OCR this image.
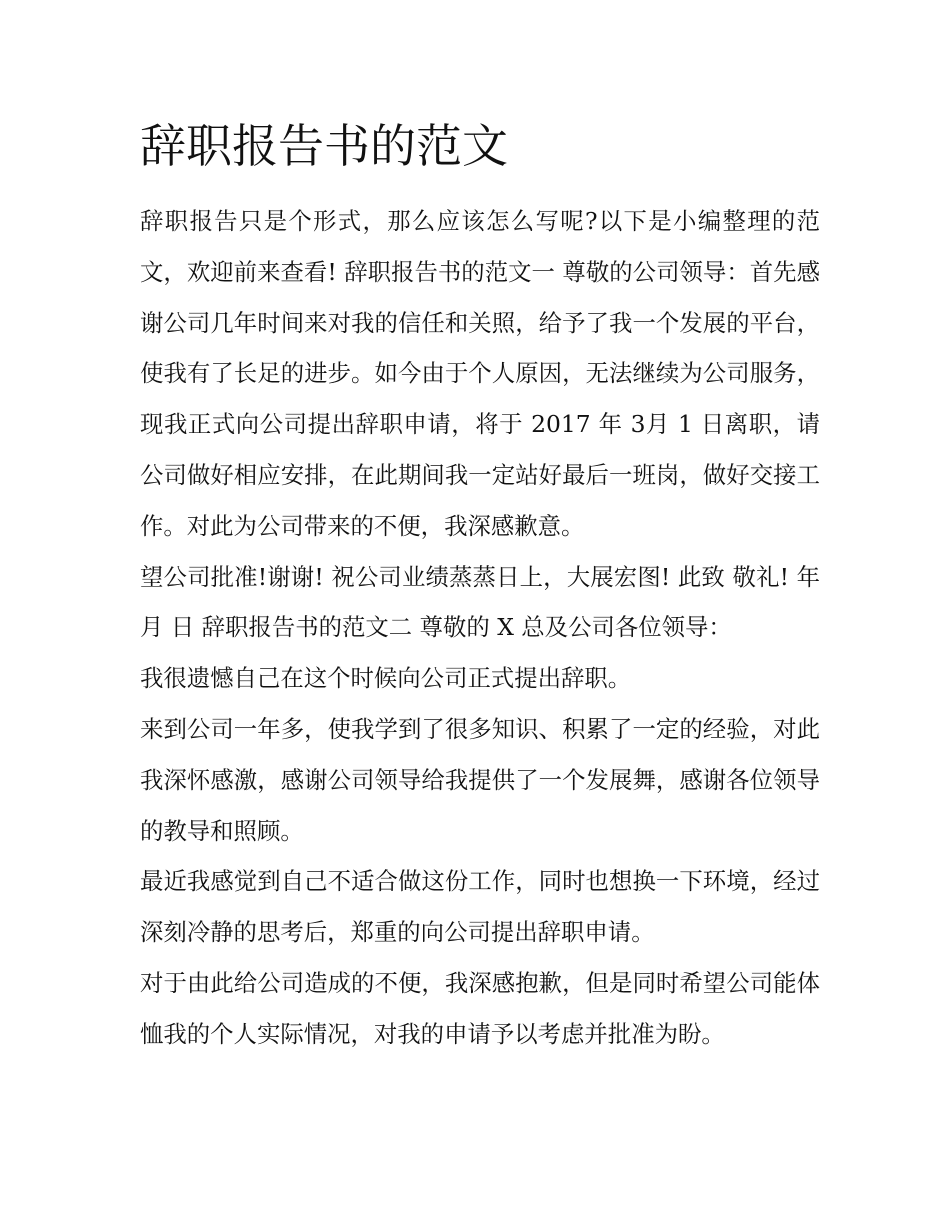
辞职报告书的范文

辞职报告只是个形式，那么应该怎么写呢?以下是小编整理的范文，欢迎前来查看! 辞职报告书的范文一 尊敬的公司领导：首先感谢公司几年时间来对我的信任和关照，给予了我一个发展的平台，使我有了长足的进步。如今由于个人原因，无法继续为公司服务，现我正式向公司提出辞职申请，将于 2017 年 3月 1 日离职，请公司做好相应安排，在此期间我一定站好最后一班岗，做好交接工作。对此为公司带来的不便，我深感歉意。

望公司批准!谢谢! 祝公司业绩蒸蒸日上，大展宏图! 此致 敬礼! 年 月 日 辞职报告书的范文二 尊敬的 X 总及公司各位领导：

我很遗憾自己在这个时候向公司正式提出辞职。

来到公司一年多，使我学到了很多知识、积累了一定的经验，对此我深怀感激，感谢公司领导给我提供了一个发展舞，感谢各位领导的教导和照顾。

最近我感觉到自己不适合做这份工作，同时也想换一下环境，经过深刻冷静的思考后，郑重的向公司提出辞职申请。

对于由此给公司造成的不便，我深感抱歉，但是同时希望公司能体恤我的个人实际情况，对我的申请予以考虑并批准为盼。
